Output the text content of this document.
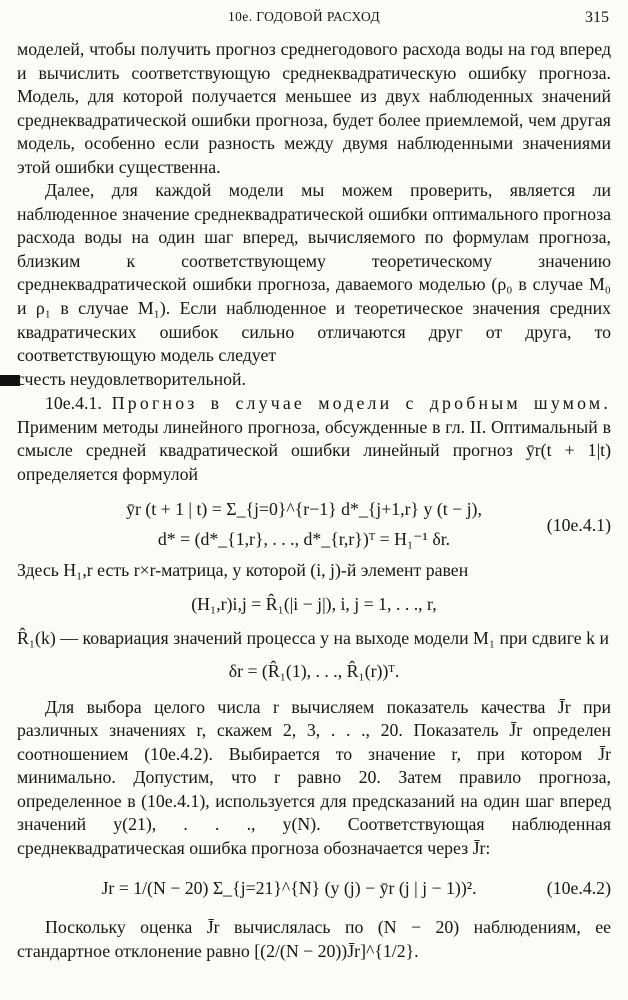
10е. ГОДОВОЙ РАСХОД	315

моделей, чтобы получить прогноз среднегодового расхода воды на год вперед и вычислить соответствующую среднеквадратическую ошибку прогноза. Модель, для которой получается меньшее из двух наблюденных значений среднеквадратической ошибки прогноза, будет более приемлемой, чем другая модель, особенно если разность между двумя наблюденными значениями этой ошибки существенна.

Далее, для каждой модели мы можем проверить, является ли наблюденное значение среднеквадратической ошибки оптимального прогноза расхода воды на один шаг вперед, вычисляемого по формулам прогноза, близким к соответствующему теоретическому значению среднеквадратической ошибки прогноза, даваемого моделью (ρ₀ в случае M₀ и ρ₁ в случае M₁). Если наблюденное и теоретическое значения средних квадратических ошибок сильно отличаются друг от друга, то соответствующую модель следует

счесть неудовлетворительной.

10е.4.1. Прогноз в случае модели с дробным шумом. Применим методы линейного прогноза, обсужденные в гл. II. Оптимальный в смысле средней квадратической ошибки линейный прогноз ȳr(t + 1|t) определяется формулой

ȳr (t + 1 | t) = Σ_{j=0}^{r−1} d*_{j+1,r} y (t − j),
d* = (d*_{1,r}, . . ., d*_{r,r})ᵀ = H₁⁻¹ δr.
(10е.4.1)

Здесь H₁,r есть r×r-матрица, у которой (i, j)-й элемент равен

(H₁,r)i,j = R̂₁(|i − j|), i, j = 1, . . ., r,

R̂₁(k) — ковариация значений процесса y на выходе модели M₁ при сдвиге k и

δr = (R̂₁(1), . . ., R̂₁(r))ᵀ.

Для выбора целого числа r вычисляем показатель качества J̄r при различных значениях r, скажем 2, 3, . . ., 20. Показатель J̄r определен соотношением (10е.4.2). Выбирается то значение r, при котором J̄r минимально. Допустим, что r равно 20. Затем правило прогноза, определенное в (10е.4.1), используется для предсказаний на один шаг вперед значений y(21), . . ., y(N). Соответствующая наблюденная среднеквадратическая ошибка прогноза обозначается через J̄r:

Jr = 1/(N − 20) Σ_{j=21}^{N} (y (j) − ȳr (j | j − 1))².	(10е.4.2)

Поскольку оценка J̄r вычислялась по (N − 20) наблюдениям, ее стандартное отклонение равно [(2/(N − 20))J̄r]^{1/2}.
